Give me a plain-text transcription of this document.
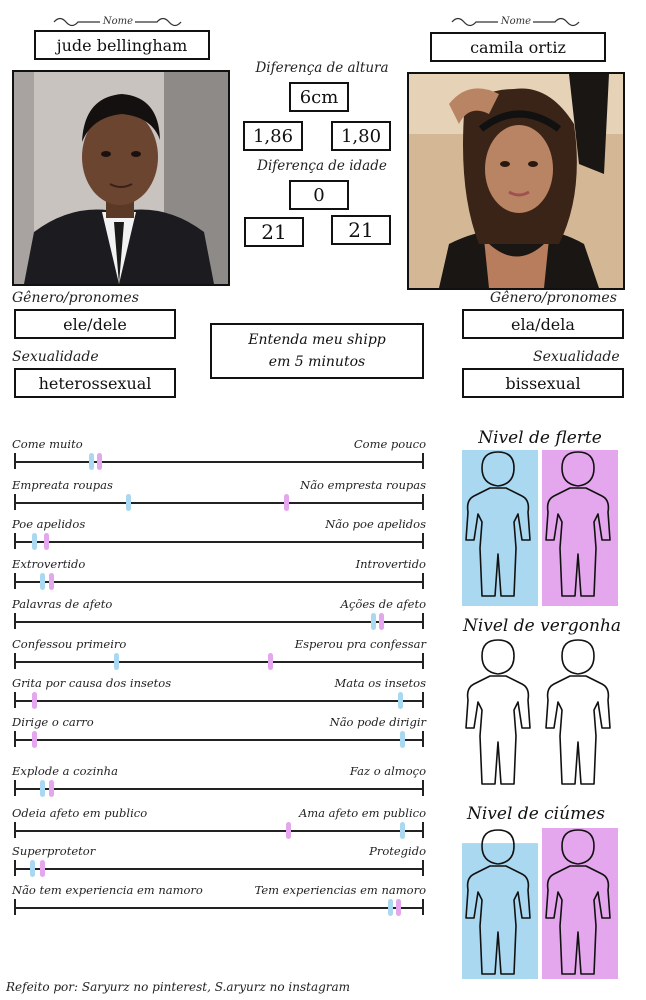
Nome
jude bellingham
Nome
camila ortiz
Diferença de altura
6cm
1,86	1,80
Diferença de idade
0
21	21
Gênero/pronomes
ele/dele
Sexualidade
heterossexual
Entenda meu shipp
em 5 minutos
Gênero/pronomes
ela/dela
Sexualidade
bissexual
Come muito	Come pouco
Empreata roupas	Não empresta roupas
Poe apelidos	Não poe apelidos
Extrovertido	Introvertido
Palavras de afeto	Ações de afeto
Confessou primeiro	Esperou pra confessar
Grita por causa dos insetos	Mata os insetos
Dirige o carro	Não pode dirigir
Explode a cozinha	Faz o almoço
Odeia afeto em publico	Ama afeto em publico
Superprotetor	Protegido
Não tem experiencia em namoro	Tem experiencias em namoro
Nivel de flerte
Nivel de vergonha
Nivel de ciúmes
Refeito por: Saryurz no pinterest, S.aryurz no instagram
